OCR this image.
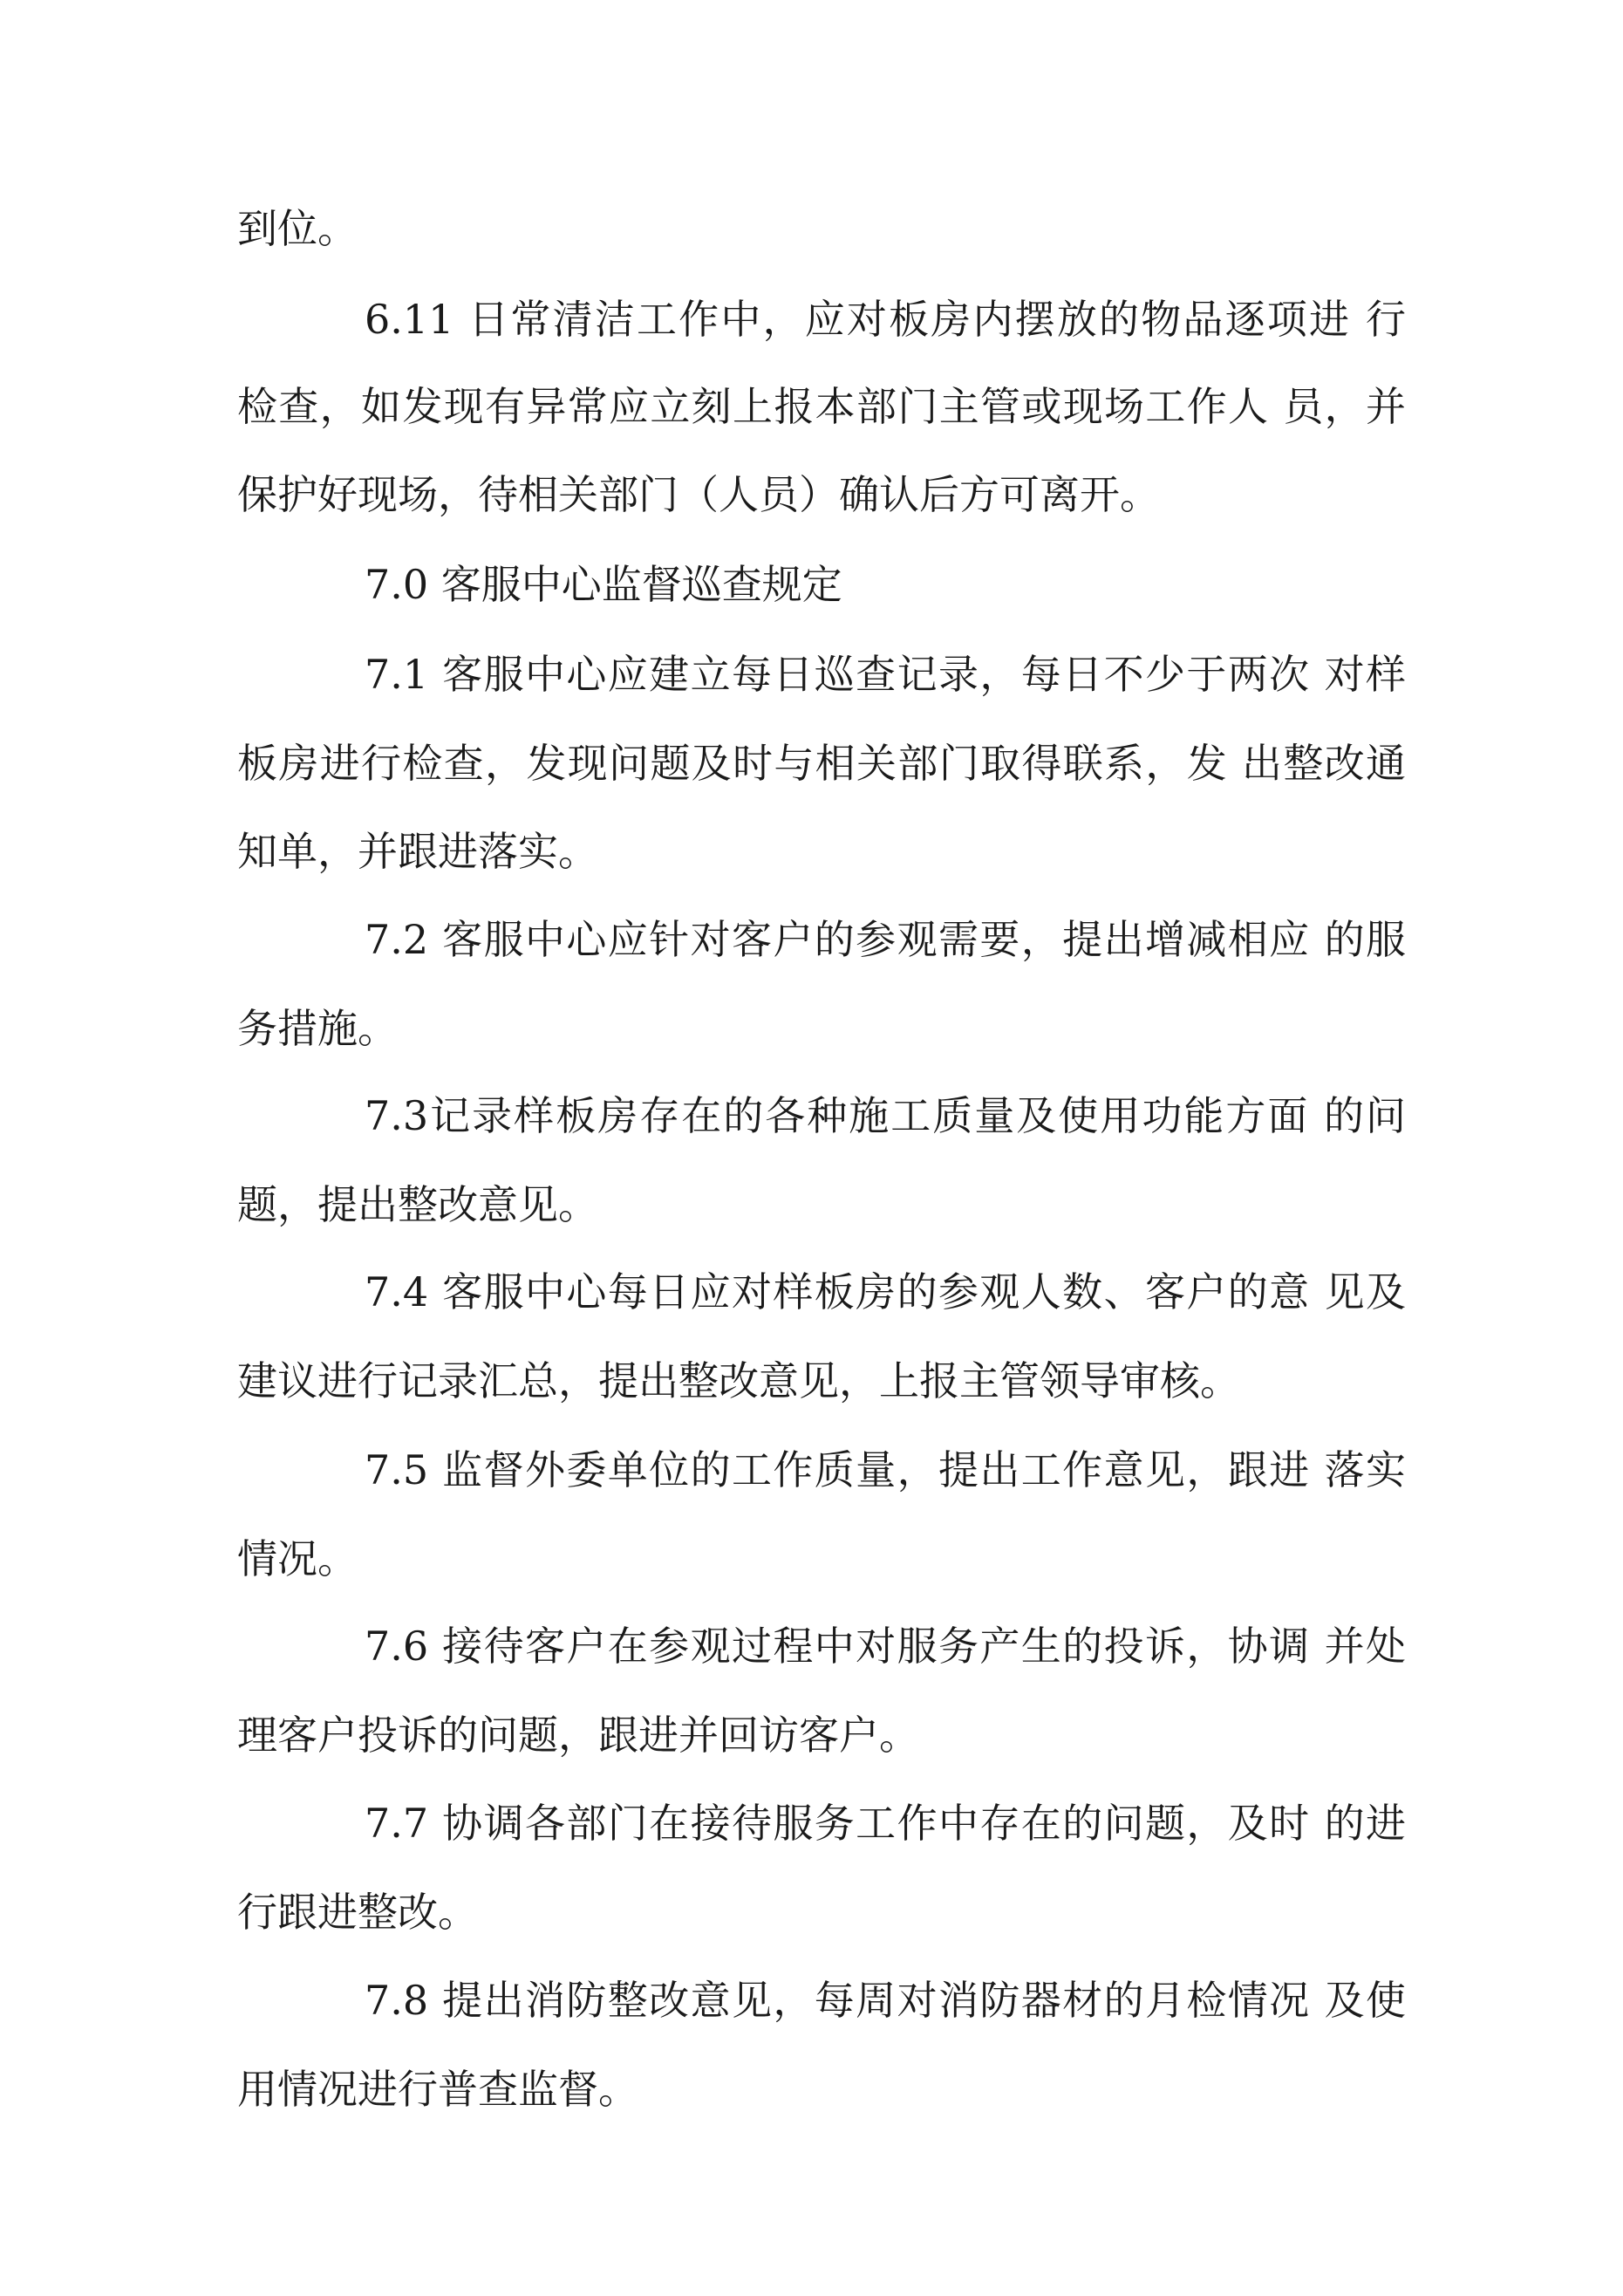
到位。
6.11 日常清洁工作中，应对板房内摆放的物品逐项进 行
检查，如发现有异常应立刻上报本部门主管或现场工作人 员，并
保护好现场，待相关部门（人员）确认后方可离开。
7.0 客服中心监督巡查规定
7.1 客服中心应建立每日巡查记录，每日不少于两次 对样
板房进行检查，发现问题及时与相关部门取得联系，发 出整改通
知单，并跟进落实。
7.2 客服中心应针对客户的参观需要，提出增减相应 的服
务措施。
7.3记录样板房存在的各种施工质量及使用功能方面 的问
题，提出整改意见。
7.4 客服中心每日应对样板房的参观人数、客户的意 见及
建议进行记录汇总，提出整改意见，上报主管领导审核。
7.5 监督外委单位的工作质量，提出工作意见，跟进 落实
情况。
7.6 接待客户在参观过程中对服务产生的投诉，协调 并处
理客户投诉的问题，跟进并回访客户。
7.7 协调各部门在接待服务工作中存在的问题，及时 的进
行跟进整改。
7.8 提出消防整改意见，每周对消防器材的月检情况 及使
用情况进行普查监督。
